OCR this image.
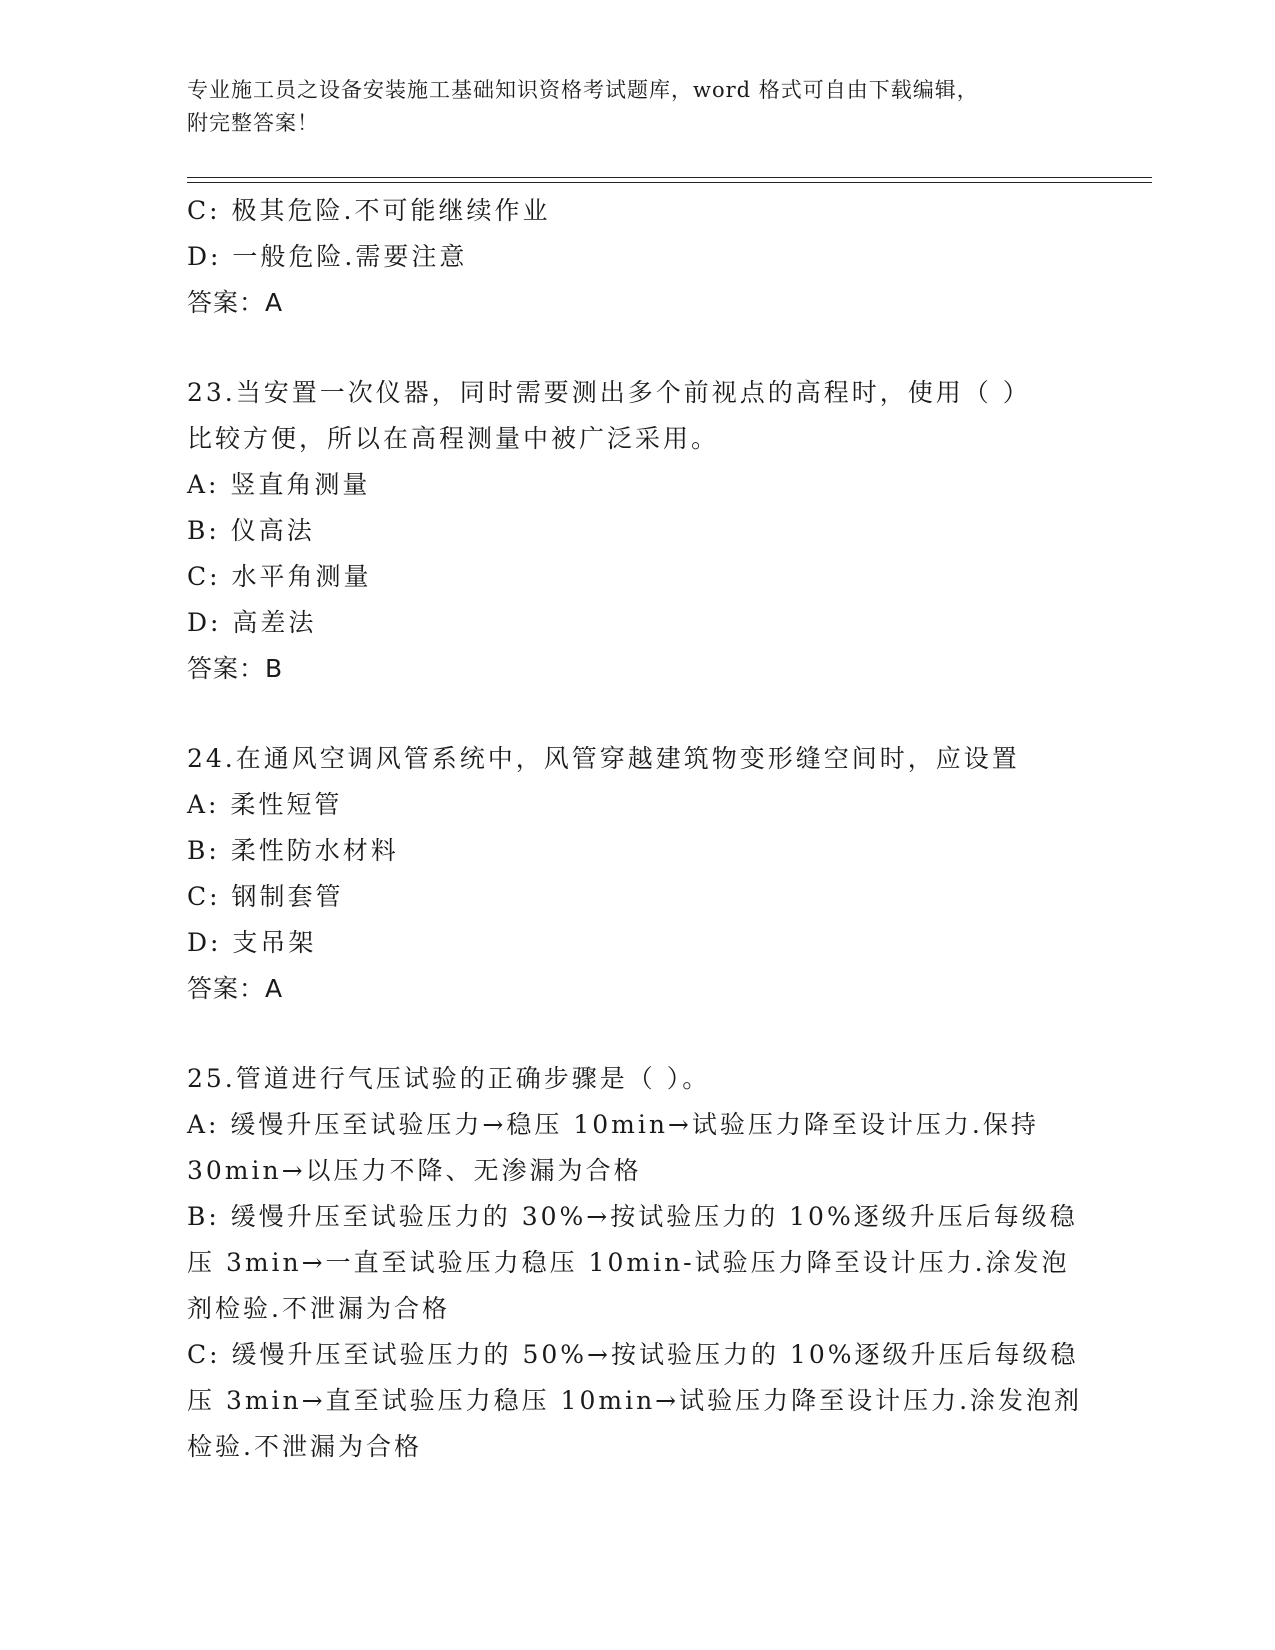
专业施工员之设备安装施工基础知识资格考试题库，word 格式可自由下载编辑，
附完整答案！
C: 极其危险.不可能继续作业
D: 一般危险.需要注意
答案：A
23.当安置一次仪器，同时需要测出多个前视点的高程时，使用（ ）
比较方便，所以在高程测量中被广泛采用。
A: 竖直角测量
B: 仪高法
C: 水平角测量
D: 高差法
答案：B
24.在通风空调风管系统中，风管穿越建筑物变形缝空间时，应设置
A: 柔性短管
B: 柔性防水材料
C: 钢制套管
D: 支吊架
答案：A
25.管道进行气压试验的正确步骤是（ ）。
A: 缓慢升压至试验压力→稳压 10min→试验压力降至设计压力.保持
30min→以压力不降、无渗漏为合格
B: 缓慢升压至试验压力的 30%→按试验压力的 10%逐级升压后每级稳
压 3min→一直至试验压力稳压 10min-试验压力降至设计压力.涂发泡
剂检验.不泄漏为合格
C: 缓慢升压至试验压力的 50%→按试验压力的 10%逐级升压后每级稳
压 3min→直至试验压力稳压 10min→试验压力降至设计压力.涂发泡剂
检验.不泄漏为合格
